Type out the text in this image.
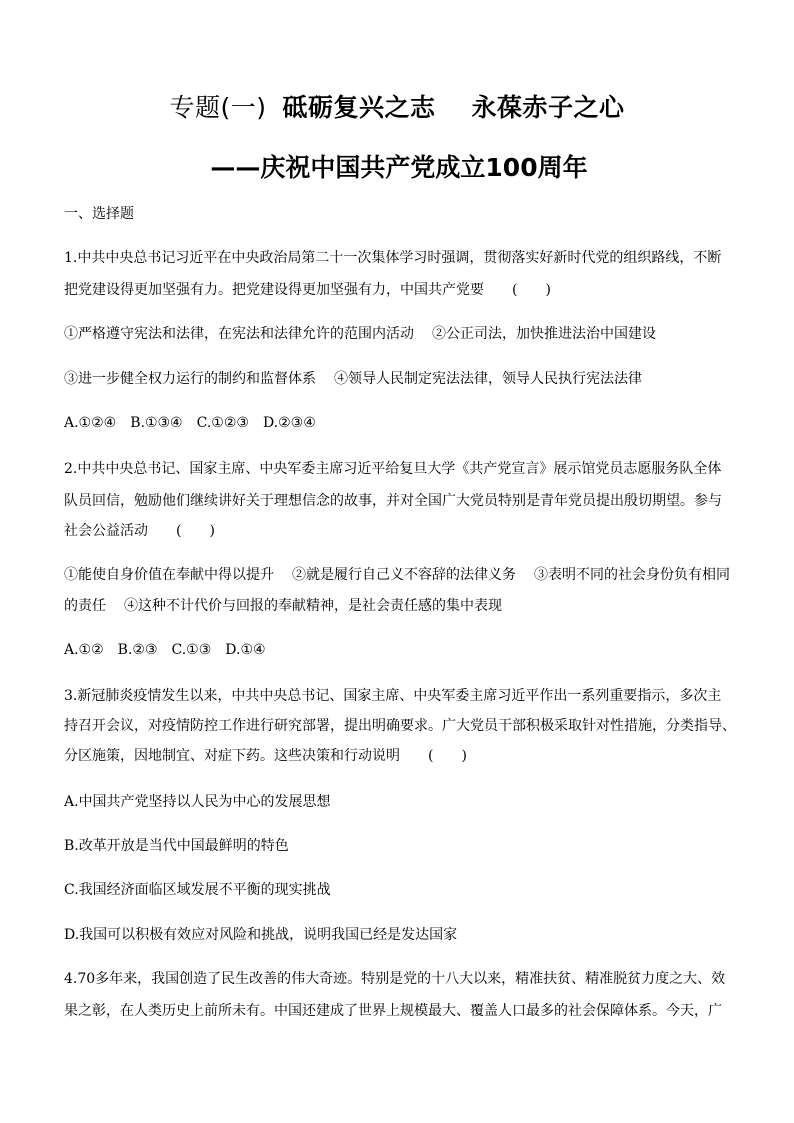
专题(一) 砥砺复兴之志 永葆赤子之心
——庆祝中国共产党成立100周年
一、选择题
1.中共中央总书记习近平在中央政治局第二十一次集体学习时强调，贯彻落实好新时代党的组织路线，不断
把党建设得更加坚强有力。把党建设得更加坚强有力，中国共产党要　　(　　)
①严格遵守宪法和法律，在宪法和法律允许的范围内活动 ②公正司法，加快推进法治中国建设
③进一步健全权力运行的制约和监督体系 ④领导人民制定宪法法律，领导人民执行宪法法律
A.①②④ B.①③④ C.①②③ D.②③④
2.中共中央总书记、国家主席、中央军委主席习近平给复旦大学《共产党宣言》展示馆党员志愿服务队全体
队员回信，勉励他们继续讲好关于理想信念的故事，并对全国广大党员特别是青年党员提出殷切期望。参与
社会公益活动　　(　　)
①能使自身价值在奉献中得以提升 ②就是履行自己义不容辞的法律义务 ③表明不同的社会身份负有相同
的责任 ④这种不计代价与回报的奉献精神，是社会责任感的集中表现
A.①② B.②③ C.①③ D.①④
3.新冠肺炎疫情发生以来，中共中央总书记、国家主席、中央军委主席习近平作出一系列重要指示，多次主
持召开会议，对疫情防控工作进行研究部署，提出明确要求。广大党员干部积极采取针对性措施，分类指导、
分区施策，因地制宜、对症下药。这些决策和行动说明　　(　　)
A.中国共产党坚持以人民为中心的发展思想
B.改革开放是当代中国最鲜明的特色
C.我国经济面临区域发展不平衡的现实挑战
D.我国可以积极有效应对风险和挑战，说明我国已经是发达国家
4.70多年来，我国创造了民生改善的伟大奇迹。特别是党的十八大以来，精准扶贫、精准脱贫力度之大、效
果之彰，在人类历史上前所未有。中国还建成了世界上规模最大、覆盖人口最多的社会保障体系。今天，广
